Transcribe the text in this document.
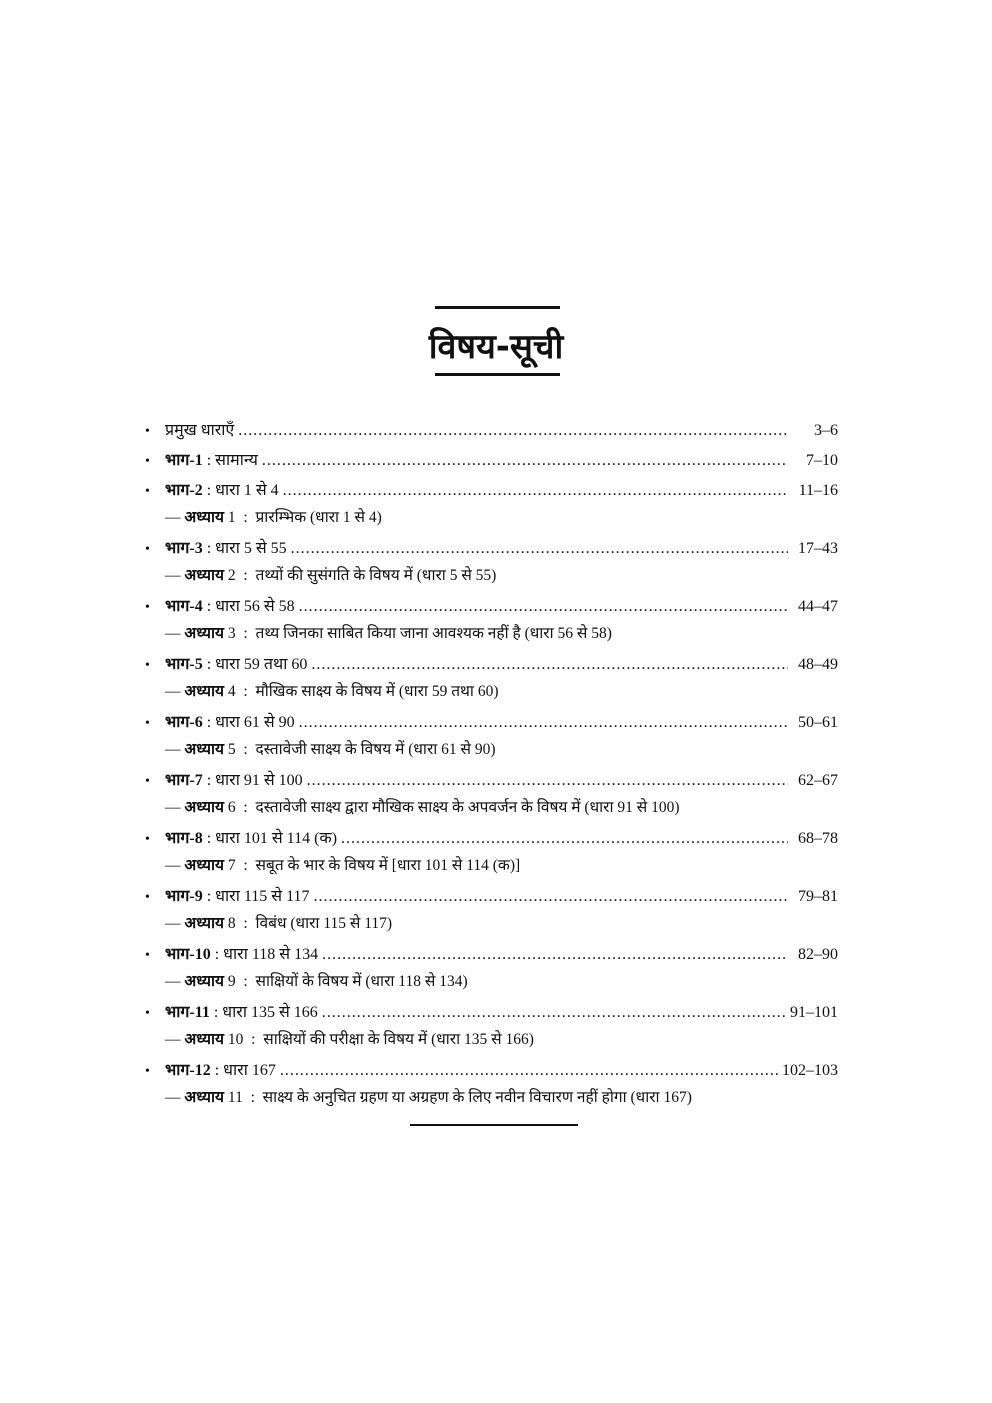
विषय-सूची
• प्रमुख धाराएँ .....	3–6
• भाग-1 : सामान्य .....	7–10
• भाग-2 : धारा 1 से 4 .....	11–16
— अध्याय 1  :  प्रारम्भिक (धारा 1 से 4)
• भाग-3 : धारा 5 से 55 .....	17–43
— अध्याय 2  :  तथ्यों की सुसंगति के विषय में (धारा 5 से 55)
• भाग-4 : धारा 56 से 58 .....	44–47
— अध्याय 3  :  तथ्य जिनका साबित किया जाना आवश्यक नहीं है (धारा 56 से 58)
• भाग-5 : धारा 59 तथा 60 .....	48–49
— अध्याय 4  :  मौखिक साक्ष्य के विषय में (धारा 59 तथा 60)
• भाग-6 : धारा 61 से 90 .....	50–61
— अध्याय 5  :  दस्तावेजी साक्ष्य के विषय में (धारा 61 से 90)
• भाग-7 : धारा 91 से 100 .....	62–67
— अध्याय 6  :  दस्तावेजी साक्ष्य द्वारा मौखिक साक्ष्य के अपवर्जन के विषय में (धारा 91 से 100)
• भाग-8 : धारा 101 से 114 (क) .....	68–78
— अध्याय 7  :  सबूत के भार के विषय में [धारा 101 से 114 (क)]
• भाग-9 : धारा 115 से 117 .....	79–81
— अध्याय 8  :  विबंध (धारा 115 से 117)
• भाग-10 : धारा 118 से 134 .....	82–90
— अध्याय 9  :  साक्षियों के विषय में (धारा 118 से 134)
• भाग-11 : धारा 135 से 166 .....	91–101
— अध्याय 10  :  साक्षियों की परीक्षा के विषय में (धारा 135 से 166)
• भाग-12 : धारा 167 .....	102–103
— अध्याय 11  :  साक्ष्य के अनुचित ग्रहण या अग्रहण के लिए नवीन विचारण नहीं होगा (धारा 167)
